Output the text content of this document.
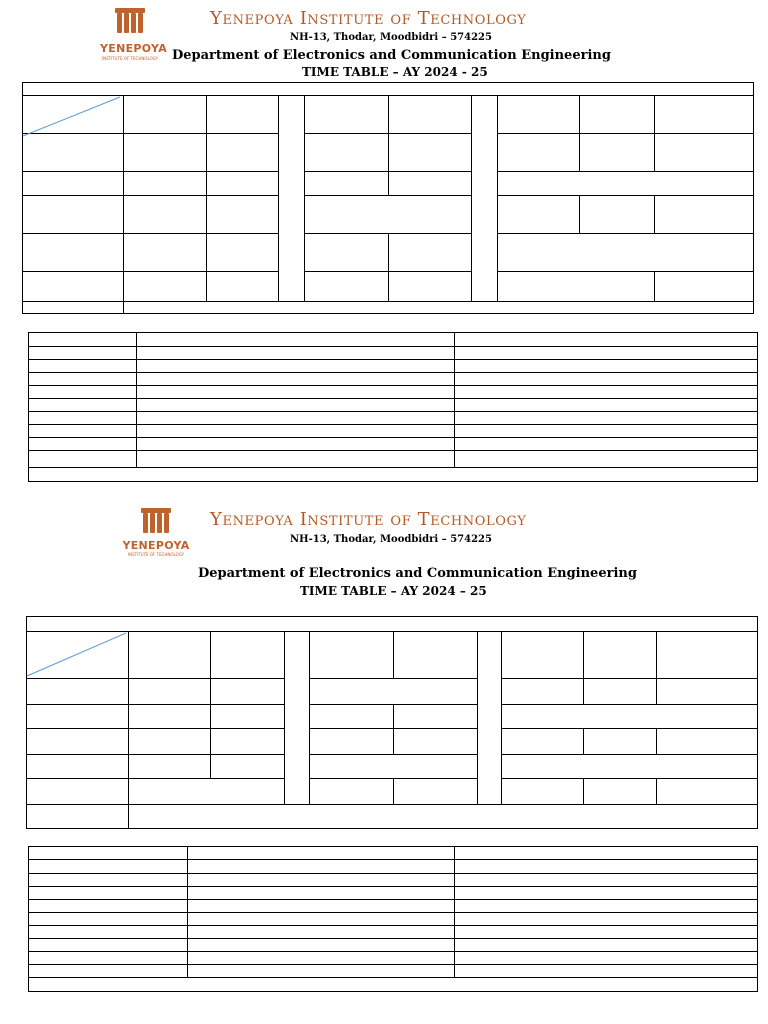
YENEPOYA
INSTITUTE OF TECHNOLOGY
Yenepoya Institute of Technology
NH-13, Thodar, Moodbidri – 574225
Department of Electronics and Communication Engineering
TIME TABLE – AY 2024 - 25
YENEPOYA
INSTITUTE OF TECHNOLOGY
Yenepoya Institute of Technology
NH-13, Thodar, Moodbidri – 574225
Department of Electronics and Communication Engineering
TIME TABLE – AY 2024 – 25
